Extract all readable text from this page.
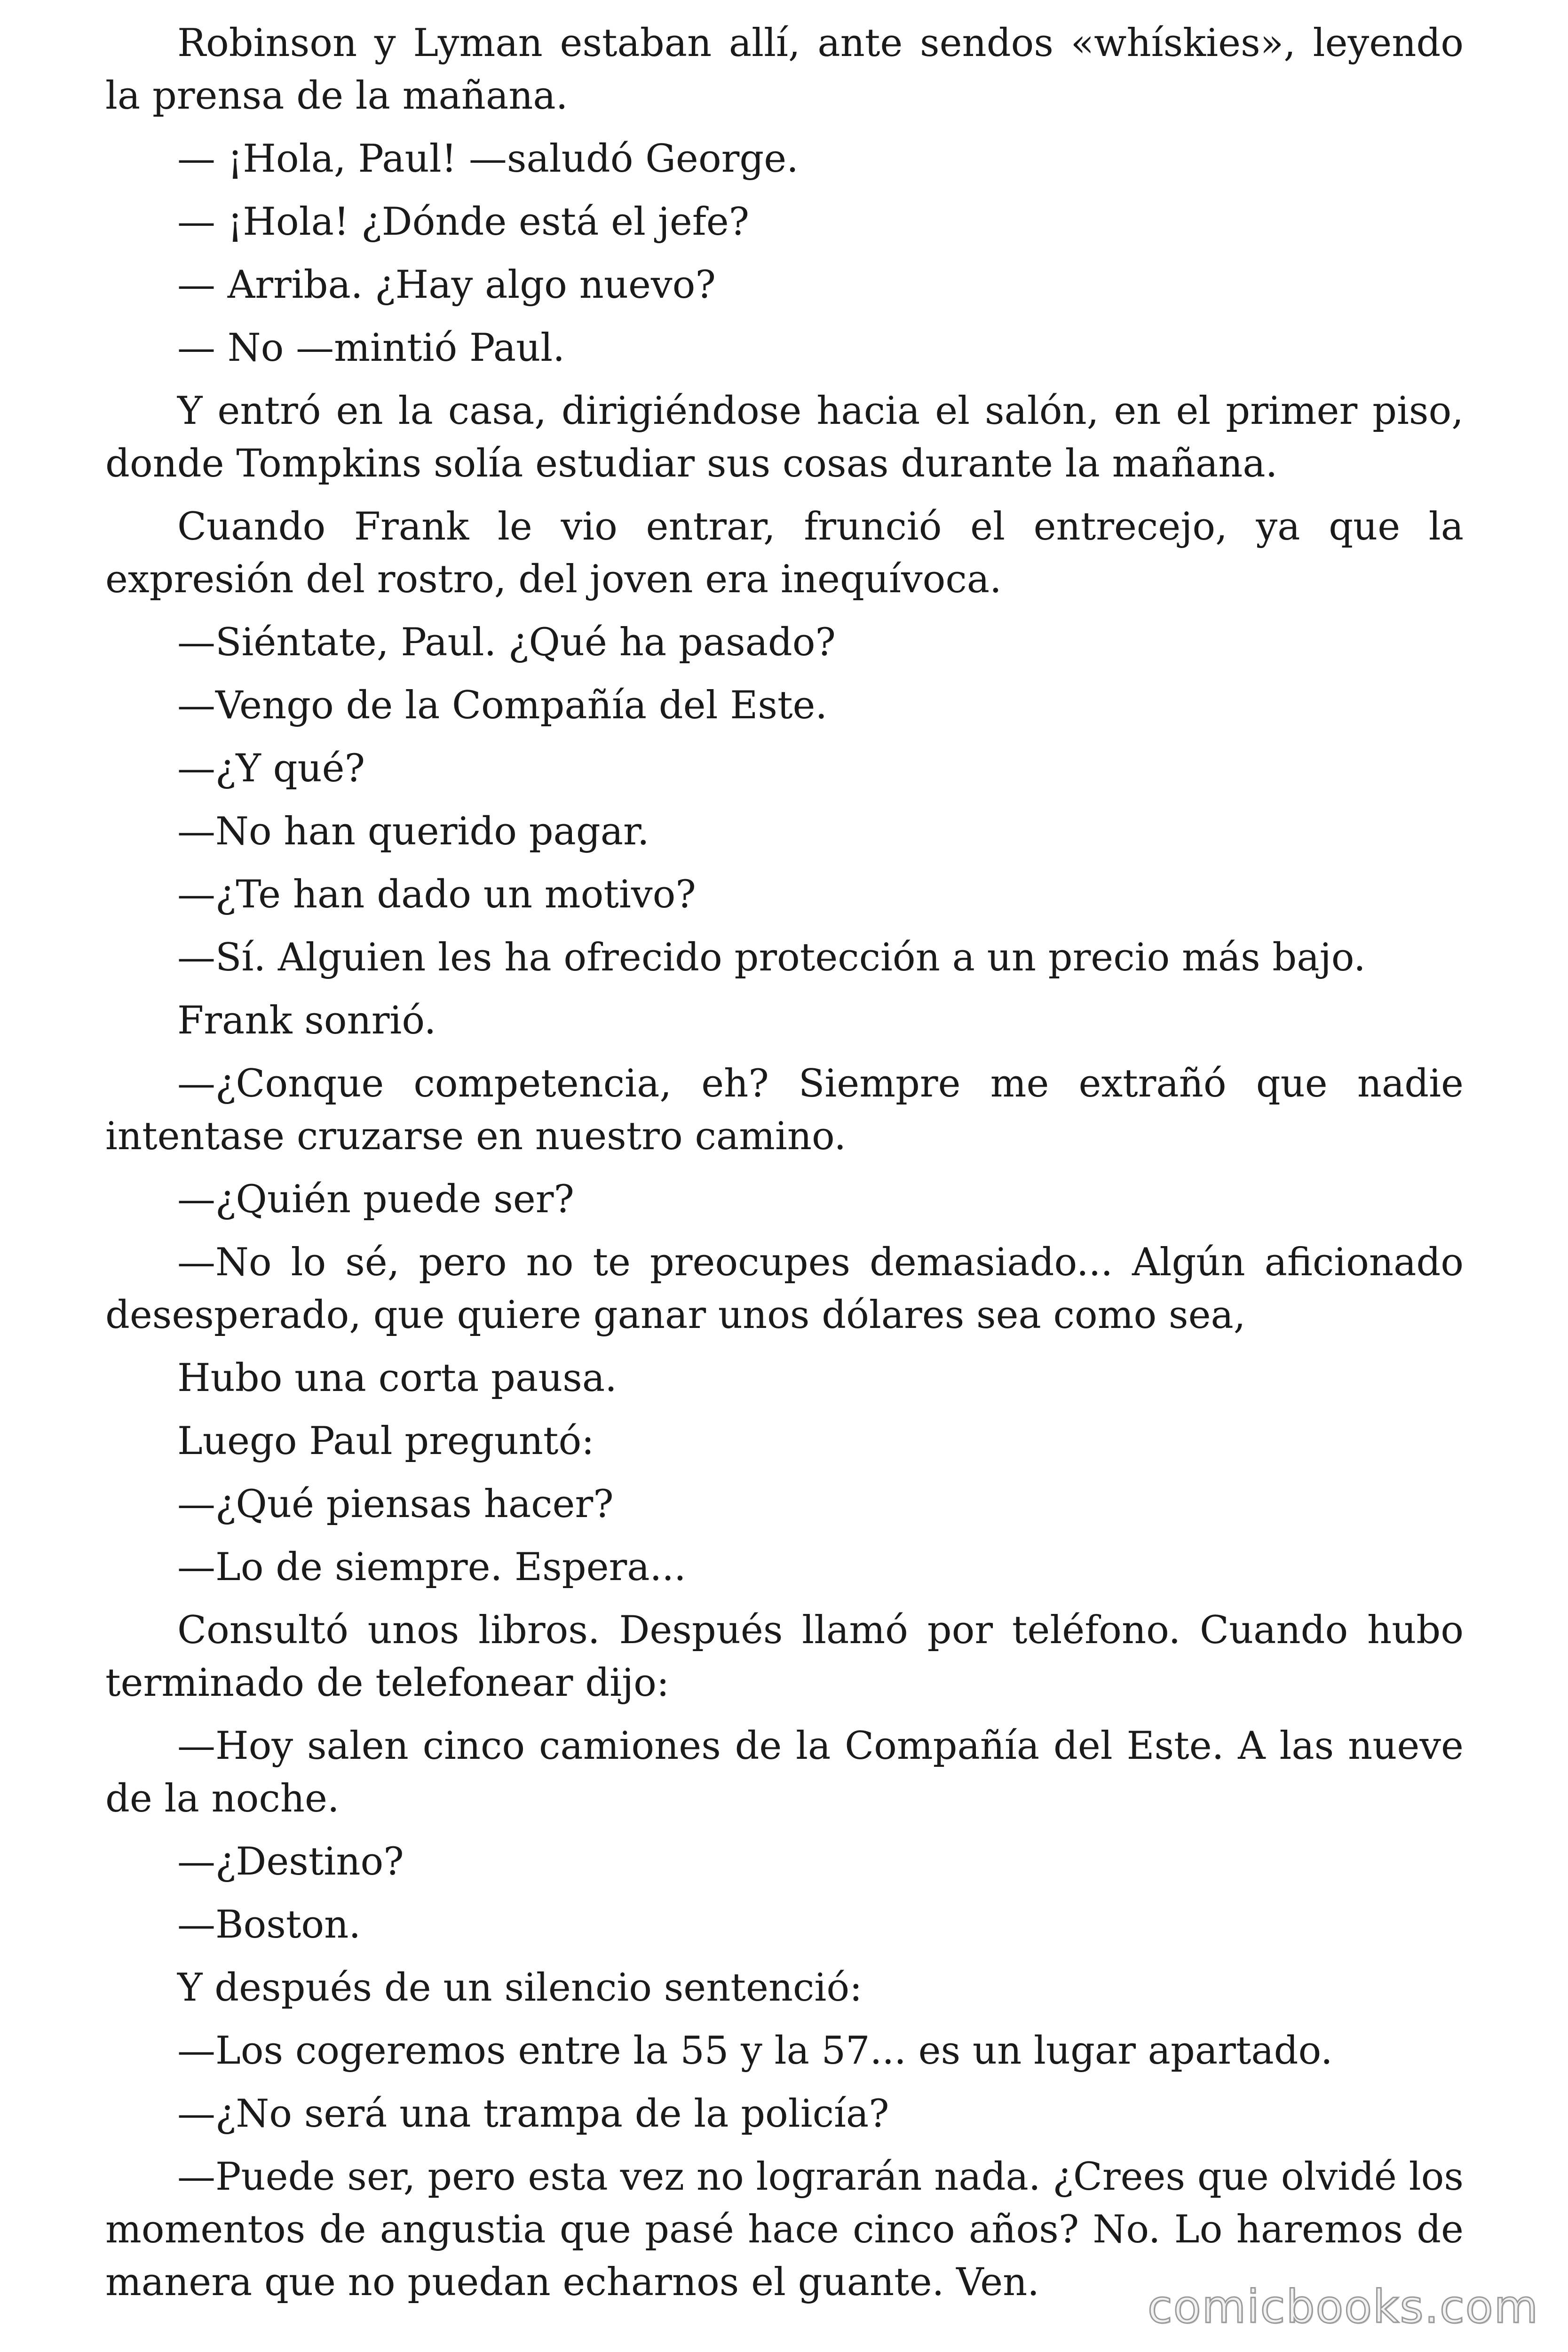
Robinson y Lyman estaban allí, ante sendos «whískies», leyendo la prensa de la mañana.

— ¡Hola, Paul! —saludó George.

— ¡Hola! ¿Dónde está el jefe?

— Arriba. ¿Hay algo nuevo?

— No —mintió Paul.

Y entró en la casa, dirigiéndose hacia el salón, en el primer piso, donde Tompkins solía estudiar sus cosas durante la mañana.

Cuando Frank le vio entrar, frunció el entrecejo, ya que la expresión del rostro, del joven era inequívoca.

—Siéntate, Paul. ¿Qué ha pasado?

—Vengo de la Compañía del Este.

—¿Y qué?

—No han querido pagar.

—¿Te han dado un motivo?

—Sí. Alguien les ha ofrecido protección a un precio más bajo.

Frank sonrió.

—¿Conque competencia, eh? Siempre me extrañó que nadie intentase cruzarse en nuestro camino.

—¿Quién puede ser?

—No lo sé, pero no te preocupes demasiado... Algún aficionado desesperado, que quiere ganar unos dólares sea como sea,

Hubo una corta pausa.

Luego Paul preguntó:

—¿Qué piensas hacer?

—Lo de siempre. Espera...

Consultó unos libros. Después llamó por teléfono. Cuando hubo terminado de telefonear dijo:

—Hoy salen cinco camiones de la Compañía del Este. A las nueve de la noche.

—¿Destino?

—Boston.

Y después de un silencio sentenció:

—Los cogeremos entre la 55 y la 57... es un lugar apartado.

—¿No será una trampa de la policía?

—Puede ser, pero esta vez no lograrán nada. ¿Crees que olvidé los momentos de angustia que pasé hace cinco años? No. Lo haremos de manera que no puedan echarnos el guante. Ven.	comicbooks.com
